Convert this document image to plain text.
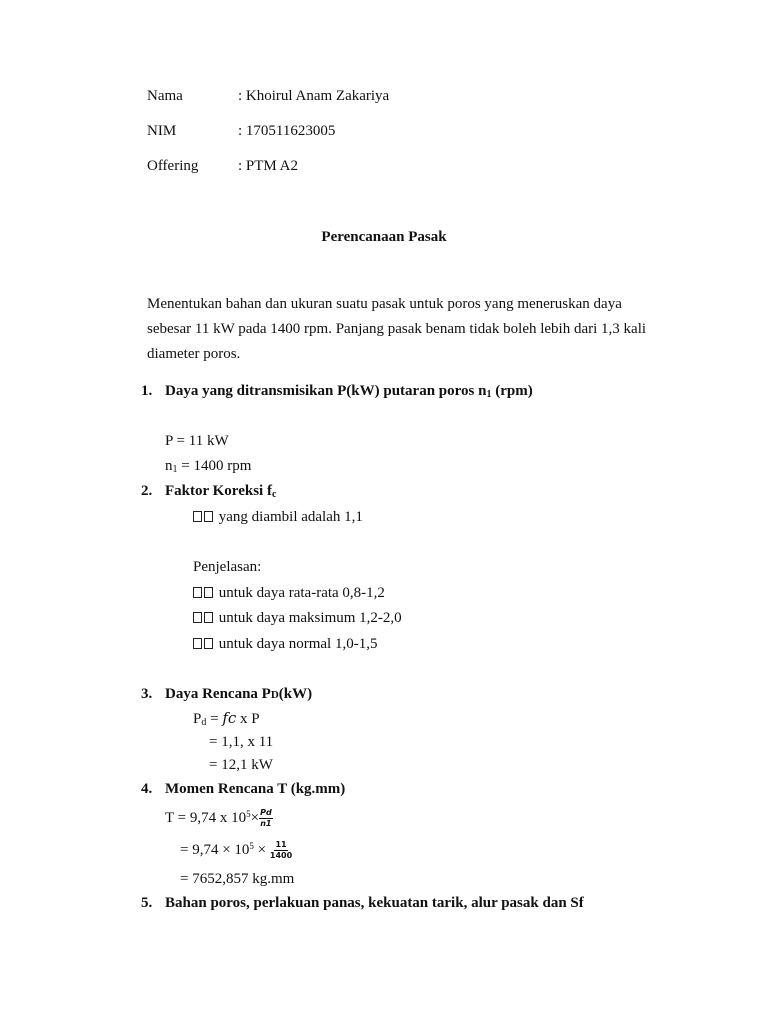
Nama	: Khoirul Anam Zakariya
NIM	: 170511623005
Offering	: PTM A2
Perencanaan Pasak
Menentukan bahan dan ukuran suatu pasak untuk poros yang meneruskan daya
sebesar 11 kW pada 1400 rpm. Panjang pasak benam tidak boleh lebih dari 1,3 kali
diameter poros.
1. Daya yang ditransmisikan P(kW) putaran poros $n_1$ (rpm)
P = 11 kW
$n_1 = 1400$ rpm
2. Faktor Koreksi $f_c$
yang diambil adalah 1,1
Penjelasan:
untuk daya rata-rata 0,8-1,2
untuk daya maksimum 1,2-2,0
untuk daya normal 1,0-1,5
3. Daya Rencana PD(kW)
$P_d$ = fc x P
= 1,1, x 11
= 12,1 kW
4. Momen Rencana T (kg.mm)
T = 9,74 x $10^5\times \frac{Pd}{n1}$
= $9,74 \times 10^5 \times \frac{11}{1400}$
= 7652,857 kg.mm
5. Bahan poros, perlakuan panas, kekuatan tarik, alur pasak dan Sf
